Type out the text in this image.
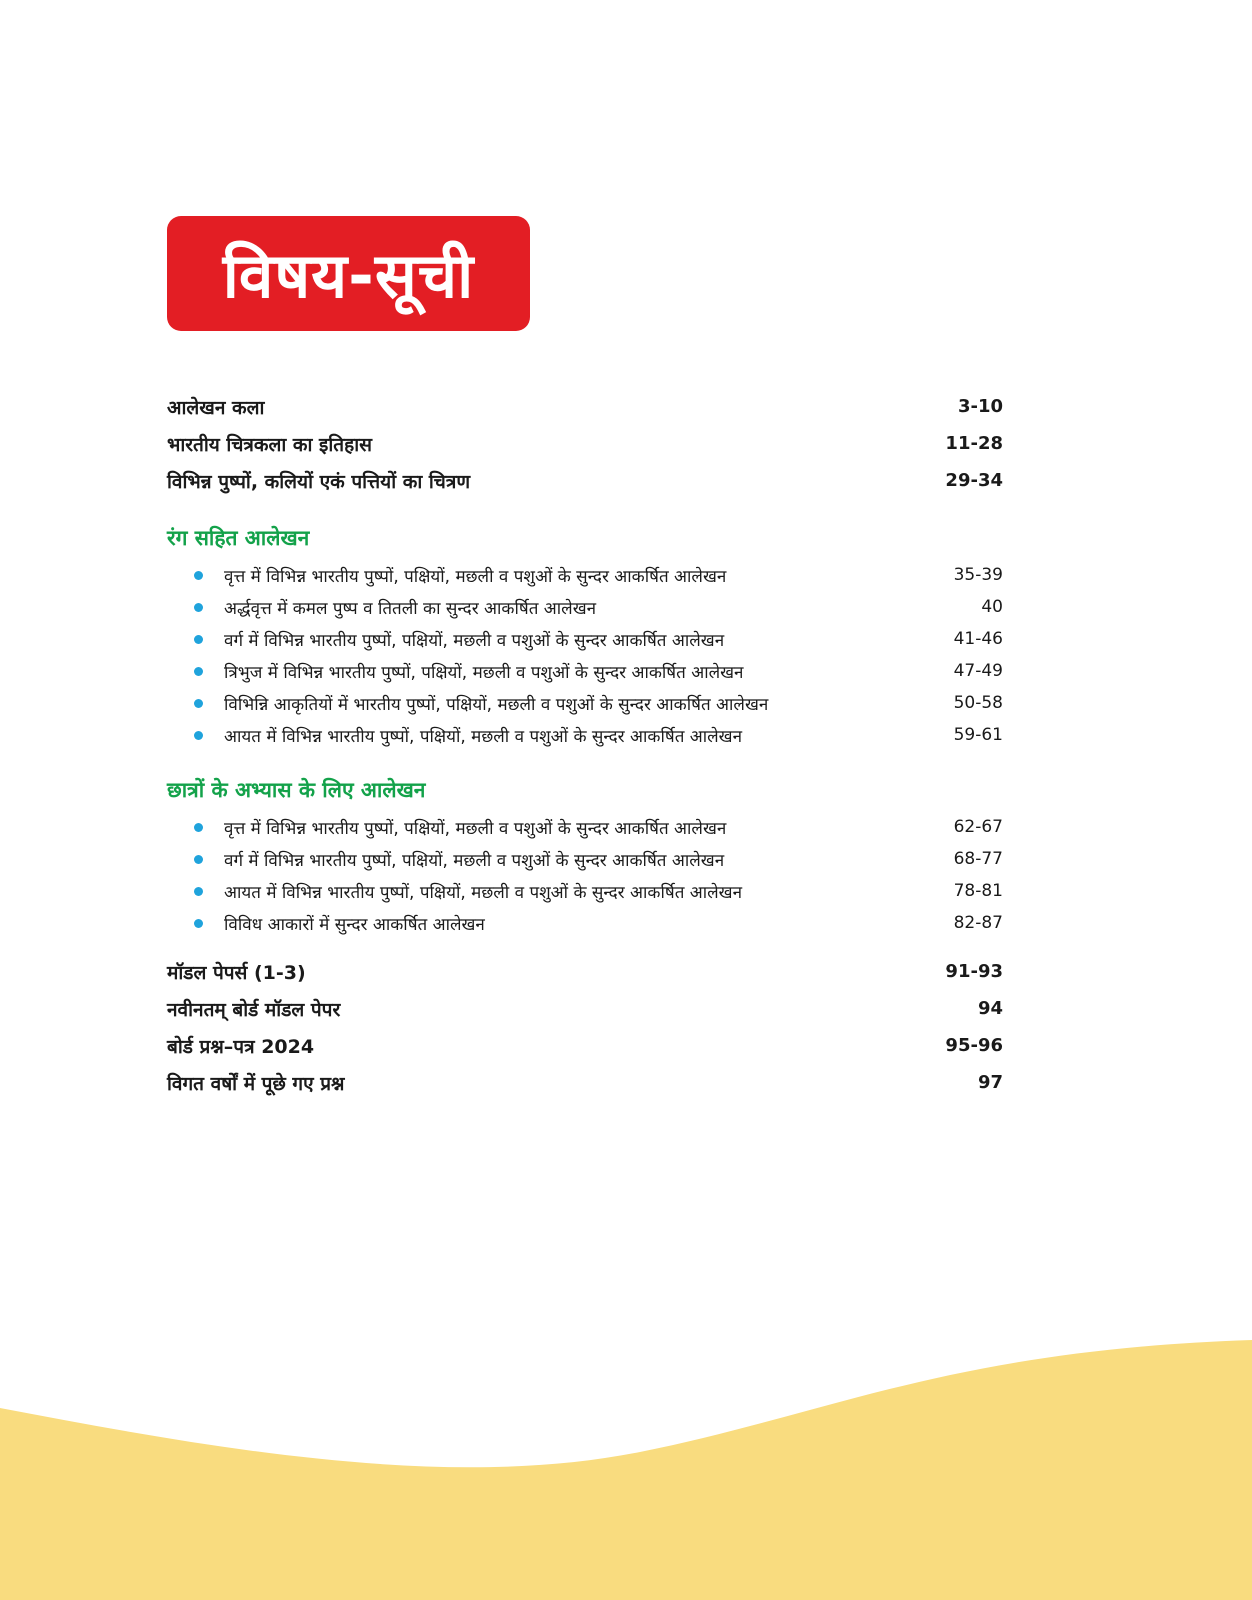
विषय-सूची
आलेखन कला	3-10
भारतीय चित्रकला का इतिहास	11-28
विभिन्न पुष्पों, कलियों एकं पत्तियों का चित्रण	29-34
रंग सहित आलेखन
वृत्त में विभिन्न भारतीय पुष्पों, पक्षियों, मछली व पशुओं के सुन्दर आकर्षित आलेखन	35-39
अर्द्धवृत्त में कमल पुष्प व तितली का सुन्दर आकर्षित आलेखन	40
वर्ग में विभिन्न भारतीय पुष्पों, पक्षियों, मछली व पशुओं के सुन्दर आकर्षित आलेखन	41-46
त्रिभुज में विभिन्न भारतीय पुष्पों, पक्षियों, मछली व पशुओं के सुन्दर आकर्षित आलेखन	47-49
विभिन्नि आकृतियों में भारतीय पुष्पों, पक्षियों, मछली व पशुओं के सुन्दर आकर्षित आलेखन	50-58
आयत में विभिन्न भारतीय पुष्पों, पक्षियों, मछली व पशुओं के सुन्दर आकर्षित आलेखन	59-61
छात्रों के अभ्यास के लिए आलेखन
वृत्त में विभिन्न भारतीय पुष्पों, पक्षियों, मछली व पशुओं के सुन्दर आकर्षित आलेखन	62-67
वर्ग में विभिन्न भारतीय पुष्पों, पक्षियों, मछली व पशुओं के सुन्दर आकर्षित आलेखन	68-77
आयत में विभिन्न भारतीय पुष्पों, पक्षियों, मछली व पशुओं के सुन्दर आकर्षित आलेखन	78-81
विविध आकारों में सुन्दर आकर्षित आलेखन	82-87
मॉडल पेपर्स (1-3)	91-93
नवीनतम् बोर्ड मॉडल पेपर	94
बोर्ड प्रश्न–पत्र 2024	95-96
विगत वर्षों में पूछे गए प्रश्न	97
